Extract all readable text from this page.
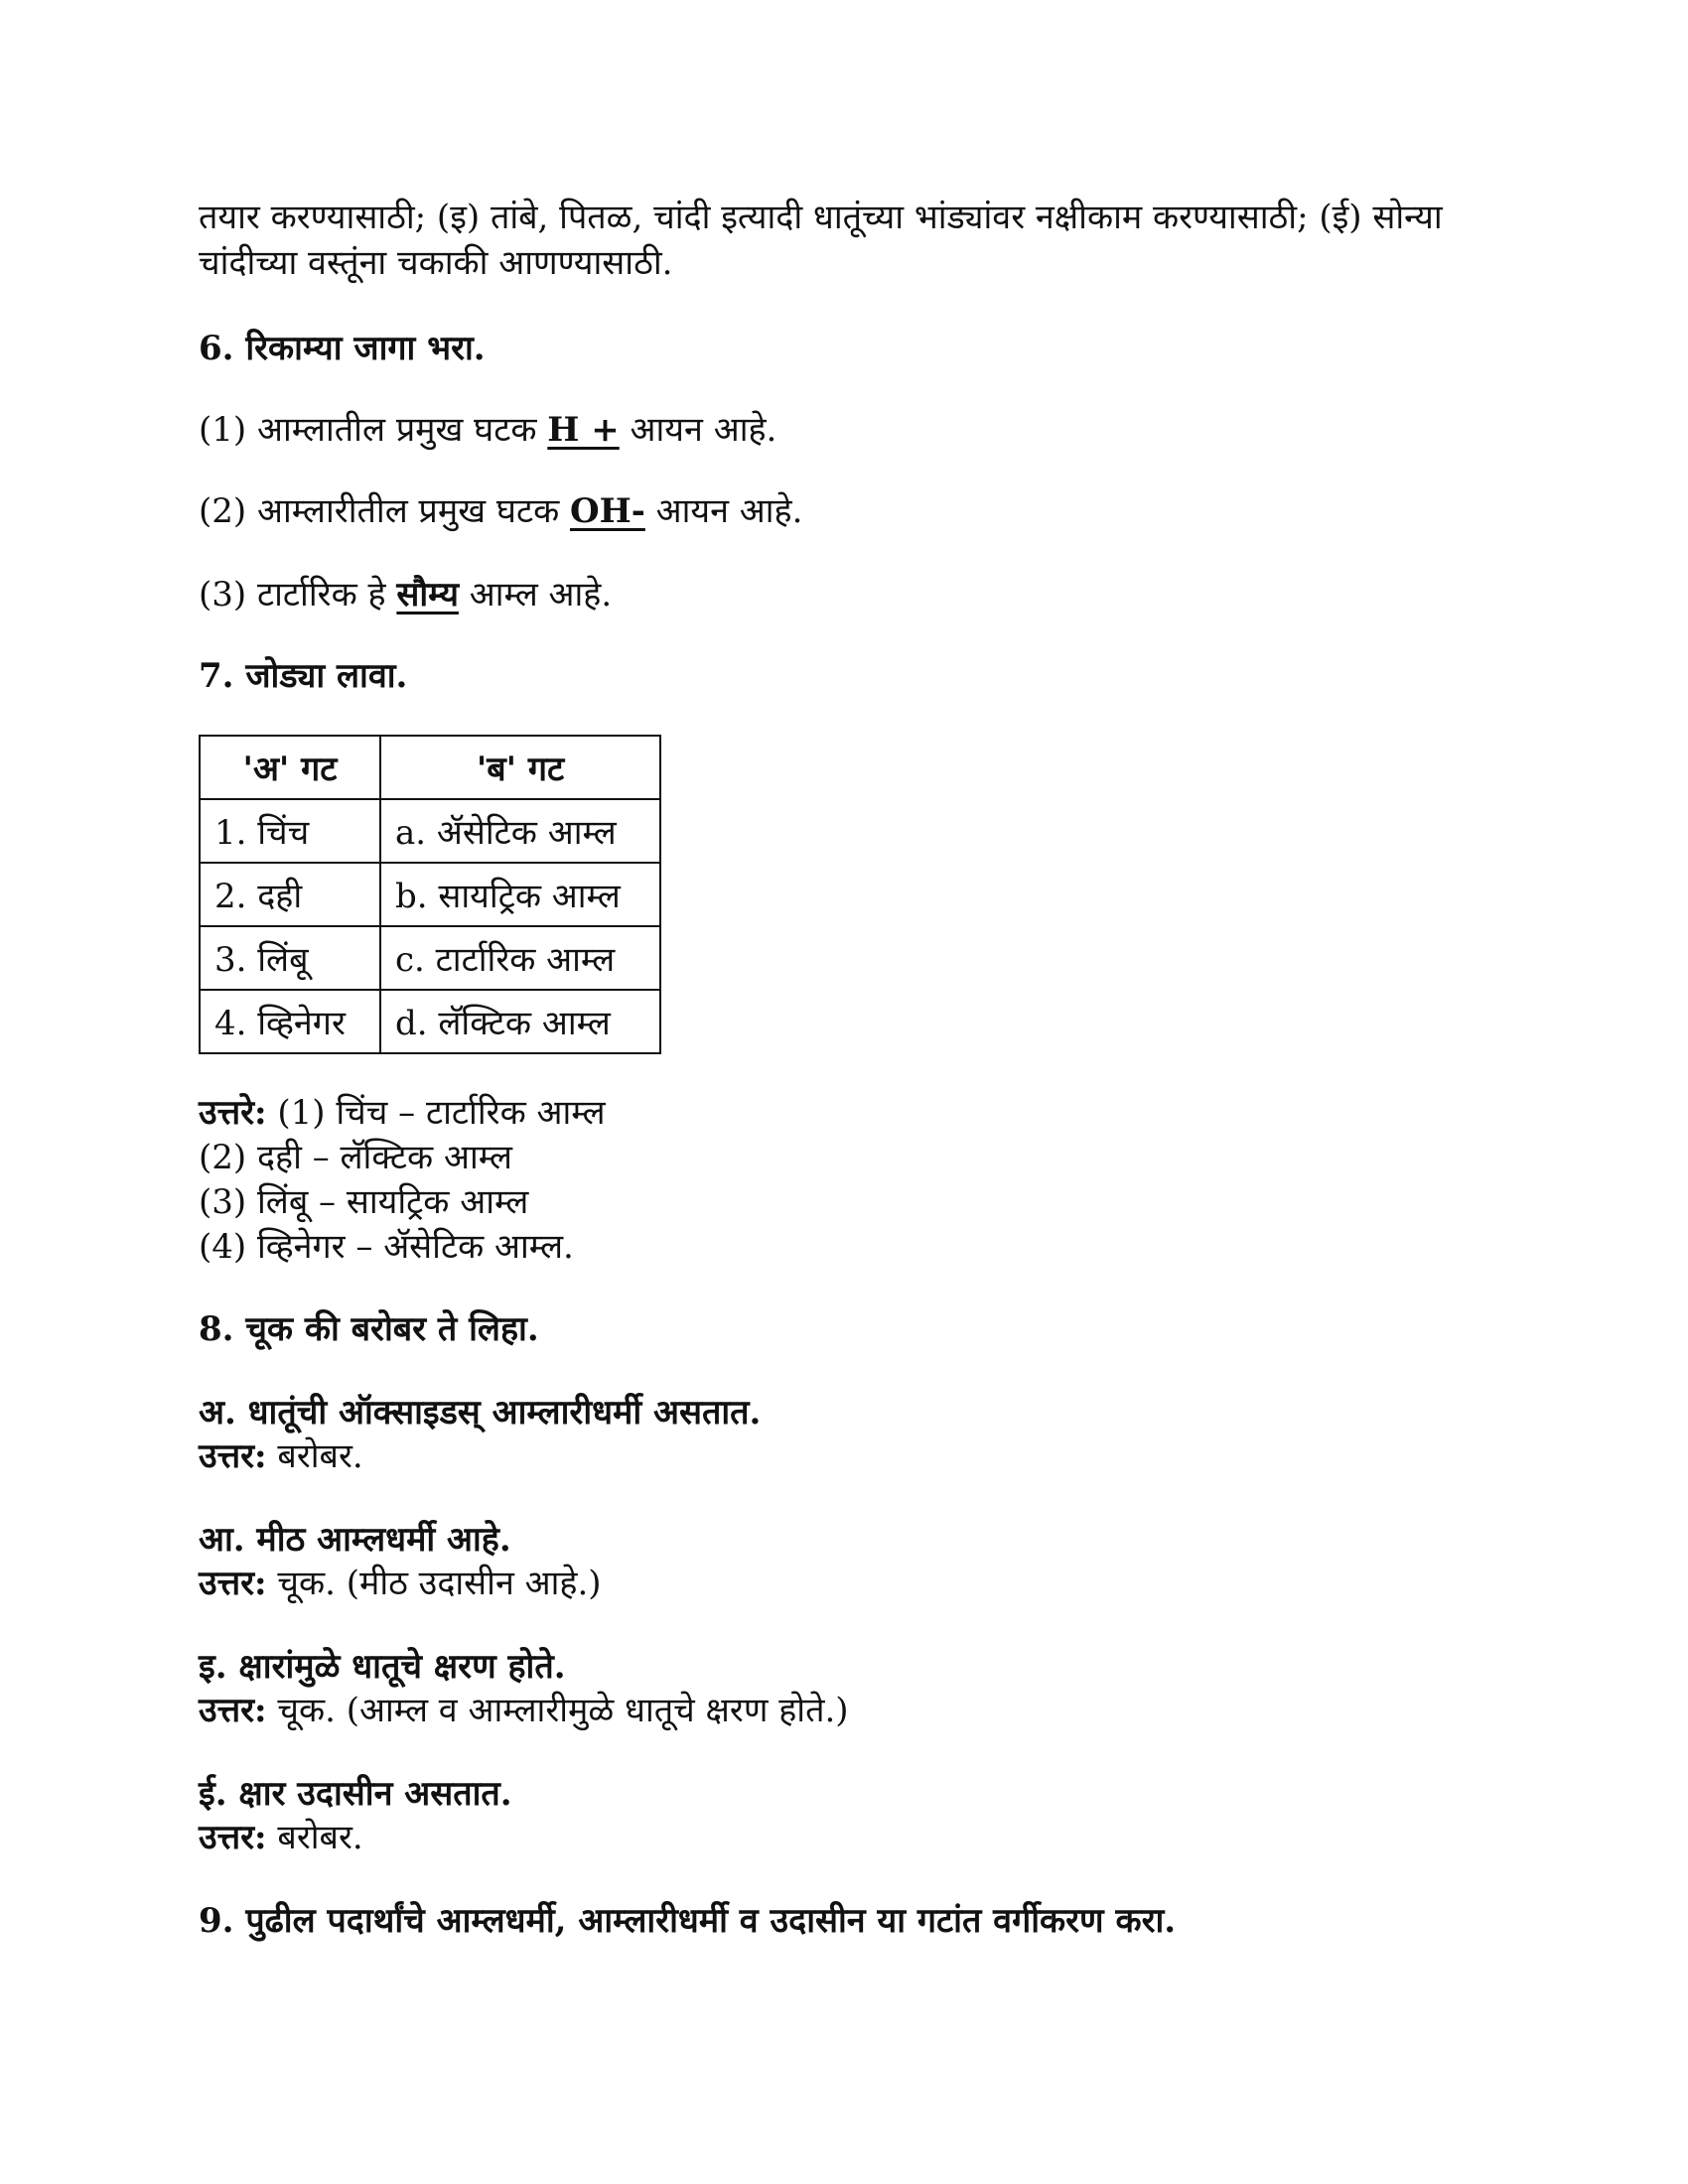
तयार करण्यासाठी; (इ) तांबे, पितळ, चांदी इत्यादी धातूंच्या भांड्यांवर नक्षीकाम करण्यासाठी; (ई) सोन्या
चांदीच्या वस्तूंना चकाकी आणण्यासाठी.
6. रिकाम्या जागा भरा.
(1) आम्लातील प्रमुख घटक H + आयन आहे.
(2) आम्लारीतील प्रमुख घटक OH- आयन आहे.
(3) टार्टारिक हे सौम्य आम्ल आहे.
7. जोड्या लावा.
'अ' गट	'ब' गट
1. चिंच	a. ॲसेटिक आम्ल
2. दही	b. सायट्रिक आम्ल
3. लिंबू	c. टार्टारिक आम्ल
4. व्हिनेगर	d. लॅक्टिक आम्ल
उत्तरे: (1) चिंच – टार्टारिक आम्ल
(2) दही – लॅक्टिक आम्ल
(3) लिंबू – सायट्रिक आम्ल
(4) व्हिनेगर – ॲसेटिक आम्ल.
8. चूक की बरोबर ते लिहा.
अ. धातूंची ऑक्साइडस् आम्लारीधर्मी असतात.
उत्तर: बरोबर.
आ. मीठ आम्लधर्मी आहे.
उत्तर: चूक. (मीठ उदासीन आहे.)
इ. क्षारांमुळे धातूचे क्षरण होते.
उत्तर: चूक. (आम्ल व आम्लारीमुळे धातूचे क्षरण होते.)
ई. क्षार उदासीन असतात.
उत्तर: बरोबर.
9. पुढील पदार्थांचे आम्लधर्मी, आम्लारीधर्मी व उदासीन या गटांत वर्गीकरण करा.
